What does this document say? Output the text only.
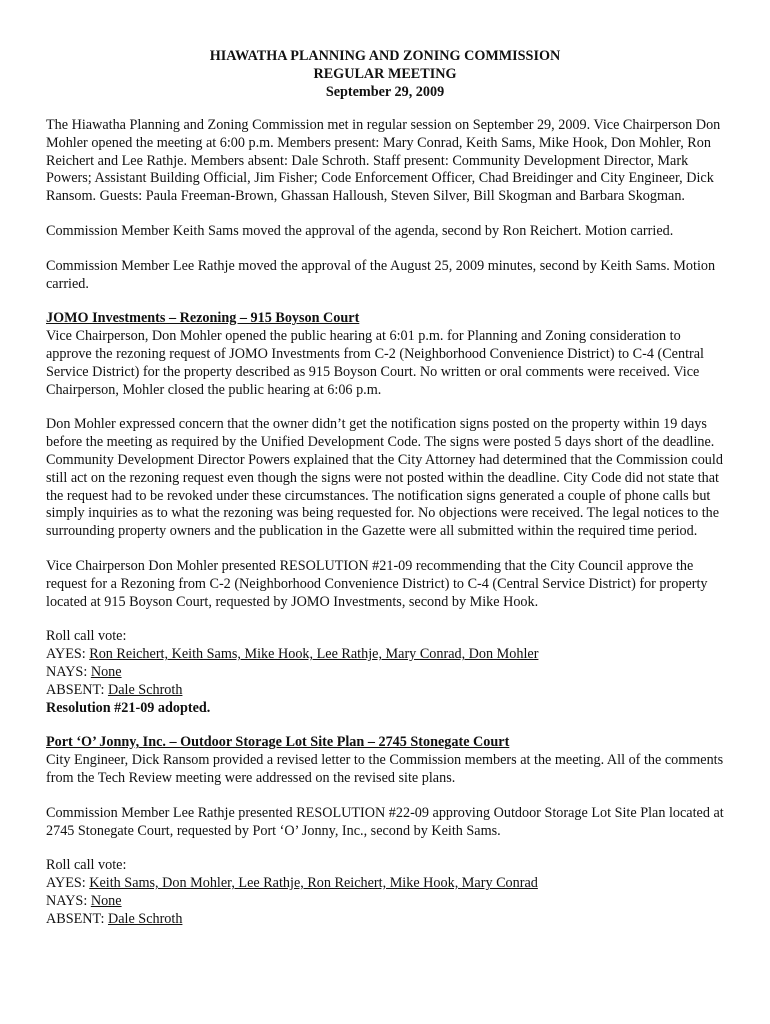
HIAWATHA PLANNING AND ZONING COMMISSION
REGULAR MEETING
September 29, 2009

The Hiawatha Planning and Zoning Commission met in regular session on September 29, 2009. Vice Chairperson Don Mohler opened the meeting at 6:00 p.m. Members present: Mary Conrad, Keith Sams, Mike Hook, Don Mohler, Ron Reichert and Lee Rathje. Members absent: Dale Schroth. Staff present: Community Development Director, Mark Powers; Assistant Building Official, Jim Fisher; Code Enforcement Officer, Chad Breidinger and City Engineer, Dick Ransom. Guests: Paula Freeman-Brown, Ghassan Halloush, Steven Silver, Bill Skogman and Barbara Skogman.

Commission Member Keith Sams moved the approval of the agenda, second by Ron Reichert. Motion carried.

Commission Member Lee Rathje moved the approval of the August 25, 2009 minutes, second by Keith Sams. Motion carried.

JOMO Investments – Rezoning – 915 Boyson Court

Vice Chairperson, Don Mohler opened the public hearing at 6:01 p.m. for Planning and Zoning consideration to approve the rezoning request of JOMO Investments from C-2 (Neighborhood Convenience District) to C-4 (Central Service District) for the property described as 915 Boyson Court. No written or oral comments were received. Vice Chairperson, Mohler closed the public hearing at 6:06 p.m.

Don Mohler expressed concern that the owner didn’t get the notification signs posted on the property within 19 days before the meeting as required by the Unified Development Code. The signs were posted 5 days short of the deadline. Community Development Director Powers explained that the City Attorney had determined that the Commission could still act on the rezoning request even though the signs were not posted within the deadline. City Code did not state that the request had to be revoked under these circumstances. The notification signs generated a couple of phone calls but simply inquiries as to what the rezoning was being requested for. No objections were received. The legal notices to the surrounding property owners and the publication in the Gazette were all submitted within the required time period.

Vice Chairperson Don Mohler presented RESOLUTION #21-09 recommending that the City Council approve the request for a Rezoning from C-2 (Neighborhood Convenience District) to C-4 (Central Service District) for property located at 915 Boyson Court, requested by JOMO Investments, second by Mike Hook.

Roll call vote:
AYES: Ron Reichert, Keith Sams, Mike Hook, Lee Rathje, Mary Conrad, Don Mohler
NAYS: None
ABSENT: Dale Schroth
Resolution #21-09 adopted.
Port ‘O’ Jonny, Inc. – Outdoor Storage Lot Site Plan – 2745 Stonegate Court

City Engineer, Dick Ransom provided a revised letter to the Commission members at the meeting. All of the comments from the Tech Review meeting were addressed on the revised site plans.

Commission Member Lee Rathje presented RESOLUTION #22-09 approving Outdoor Storage Lot Site Plan located at 2745 Stonegate Court, requested by Port ‘O’ Jonny, Inc., second by Keith Sams.

Roll call vote:
AYES: Keith Sams, Don Mohler, Lee Rathje, Ron Reichert, Mike Hook, Mary Conrad
NAYS: None
ABSENT: Dale Schroth
